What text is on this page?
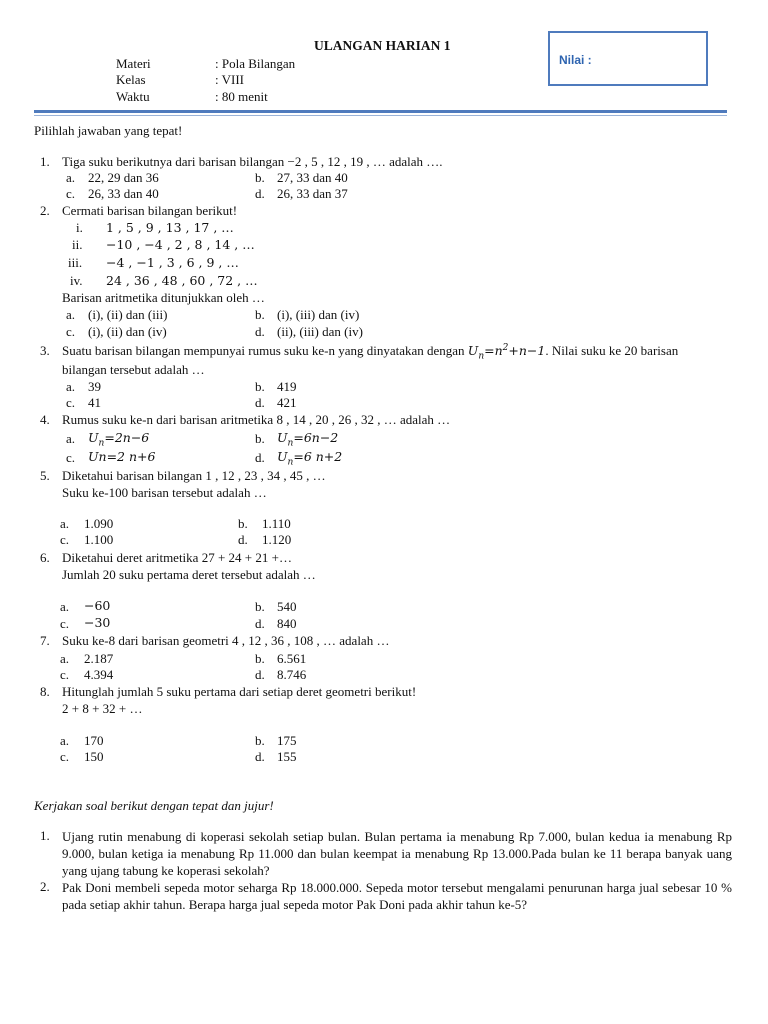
ULANGAN HARIAN 1
Materi	: Pola Bilangan
Kelas	: VIII
Waktu	: 80 menit
Nilai :
Pilihlah jawaban yang tepat!
1. Tiga suku berikutnya dari barisan bilangan −2 , 5 , 12 , 19 , … adalah ….
a. 22, 29 dan 36	b. 27, 33 dan 40
c. 26, 33 dan 40	d. 26, 33 dan 37
2. Cermati barisan bilangan berikut!
i. 1 , 5 , 9 , 13 , 17 , …
ii. −10 , −4 , 2 , 8 , 14 , …
iii. −4 , −1 , 3 , 6 , 9 , …
iv. 24 , 36 , 48 , 60 , 72 , …
Barisan aritmetika ditunjukkan oleh …
a. (i), (ii) dan (iii)	b. (i), (iii) dan (iv)
c. (i), (ii) dan (iv)	d. (ii), (iii) dan (iv)
3. Suatu barisan bilangan mempunyai rumus suku ke-n yang dinyatakan dengan $U_n=n^2+n-1$. Nilai suku ke 20 barisan
bilangan tersebut adalah …
a. 39	b. 419
c. 41	d. 421
4. Rumus suku ke-n dari barisan aritmetika 8 , 14 , 20 , 26 , 32 , … adalah …
a. $U_n=2n-6$	b. $U_n=6n-2$
c. Un=2 n+6	d. $U_n=6$ n+2
5. Diketahui barisan bilangan 1 , 12 , 23 , 34 , 45 , …
Suku ke-100 barisan tersebut adalah …
a. 1.090	b. 1.110
c. 1.100	d. 1.120
6. Diketahui deret aritmetika 27 + 24 + 21 +…
Jumlah 20 suku pertama deret tersebut adalah …
a. −60	b. 540
c. −30	d. 840
7. Suku ke-8 dari barisan geometri 4 , 12 , 36 , 108 , … adalah …
a. 2.187	b. 6.561
c. 4.394	d. 8.746
8. Hitunglah jumlah 5 suku pertama dari setiap deret geometri berikut!
2 + 8 + 32 + …
a. 170	b. 175
c. 150	d. 155
Kerjakan soal berikut dengan tepat dan jujur!
1. Ujang rutin menabung di koperasi sekolah setiap bulan. Bulan pertama ia menabung Rp 7.000, bulan kedua ia menabung Rp 9.000, bulan ketiga ia menabung Rp 11.000 dan bulan keempat ia menabung Rp 13.000.Pada bulan ke 11 berapa banyak uang yang ujang tabung ke koperasi sekolah?
2. Pak Doni membeli sepeda motor seharga Rp 18.000.000. Sepeda motor tersebut mengalami penurunan harga jual sebesar 10 % pada setiap akhir tahun. Berapa harga jual sepeda motor Pak Doni pada akhir tahun ke-5?
